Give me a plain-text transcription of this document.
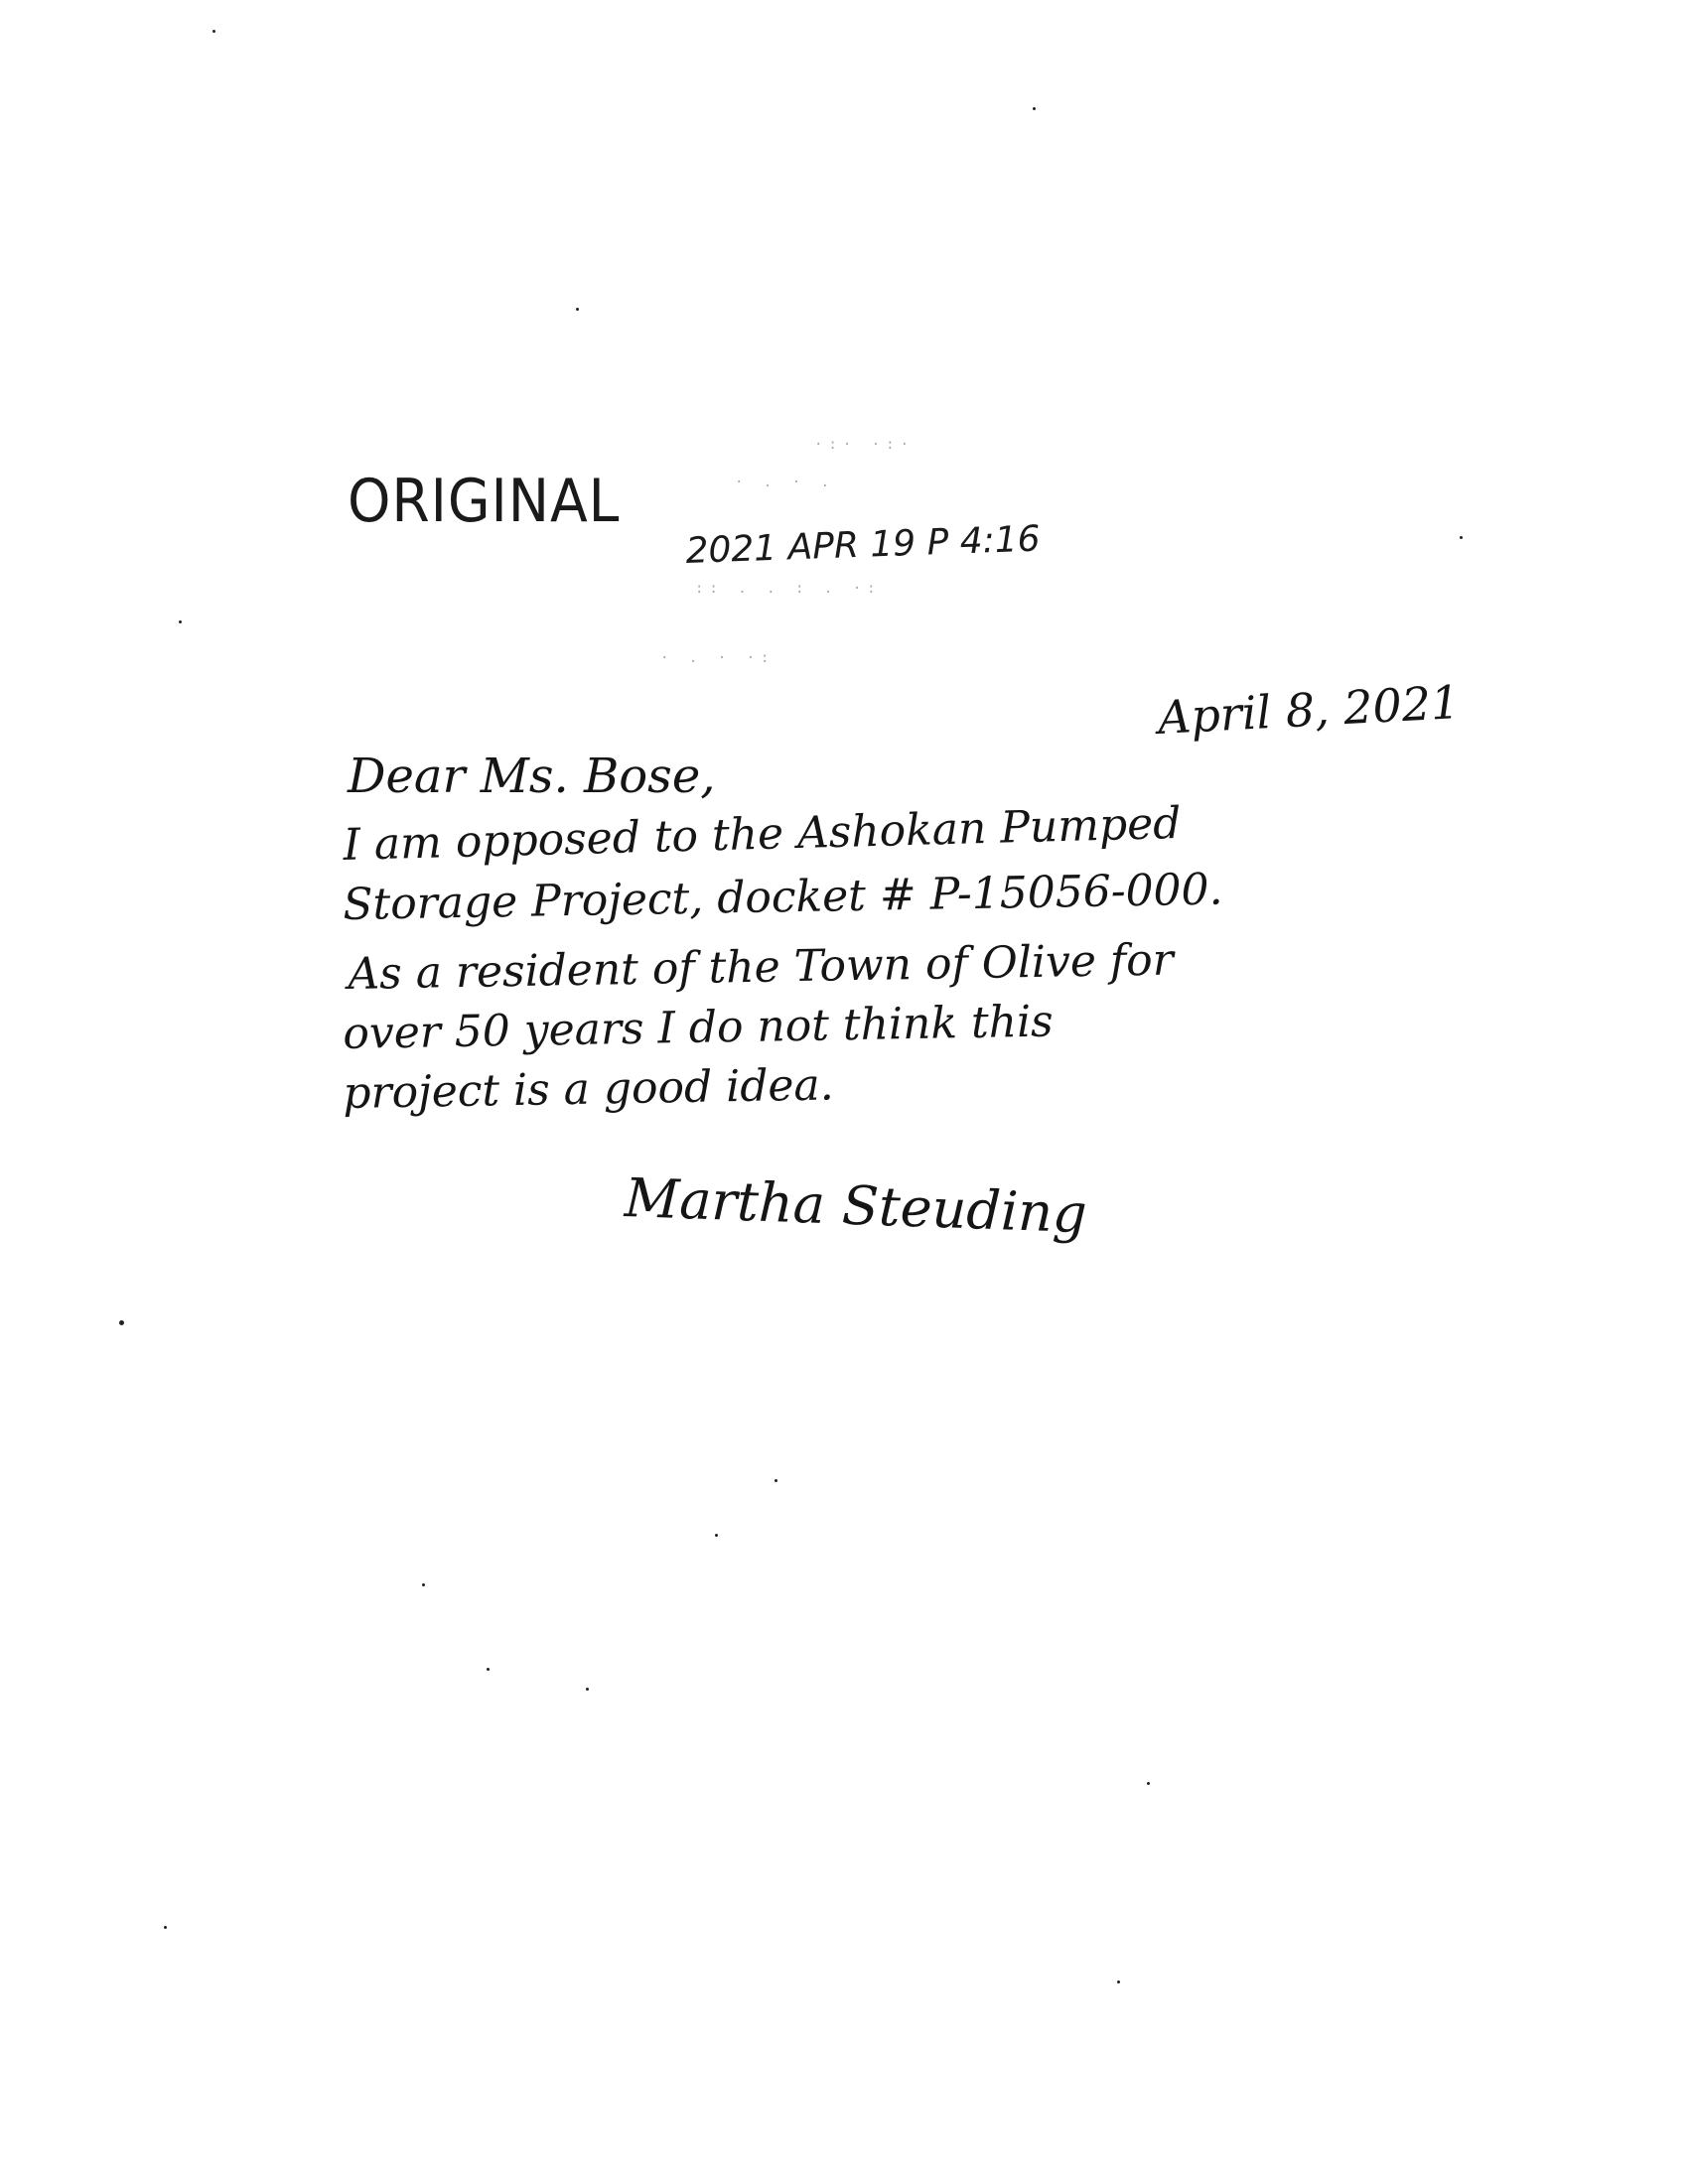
ORIGINAL
2021 APR 19 P 4:16
·:· ·:·
· . · .
:: . . : . ·:
· . · ·:
April 8, 2021
Dear Ms. Bose,
I am opposed to the Ashokan Pumped
Storage Project, docket # P-15056-000.
As a resident of the Town of Olive for
over 50 years I do not think this
project is a good idea.
Martha Steuding
